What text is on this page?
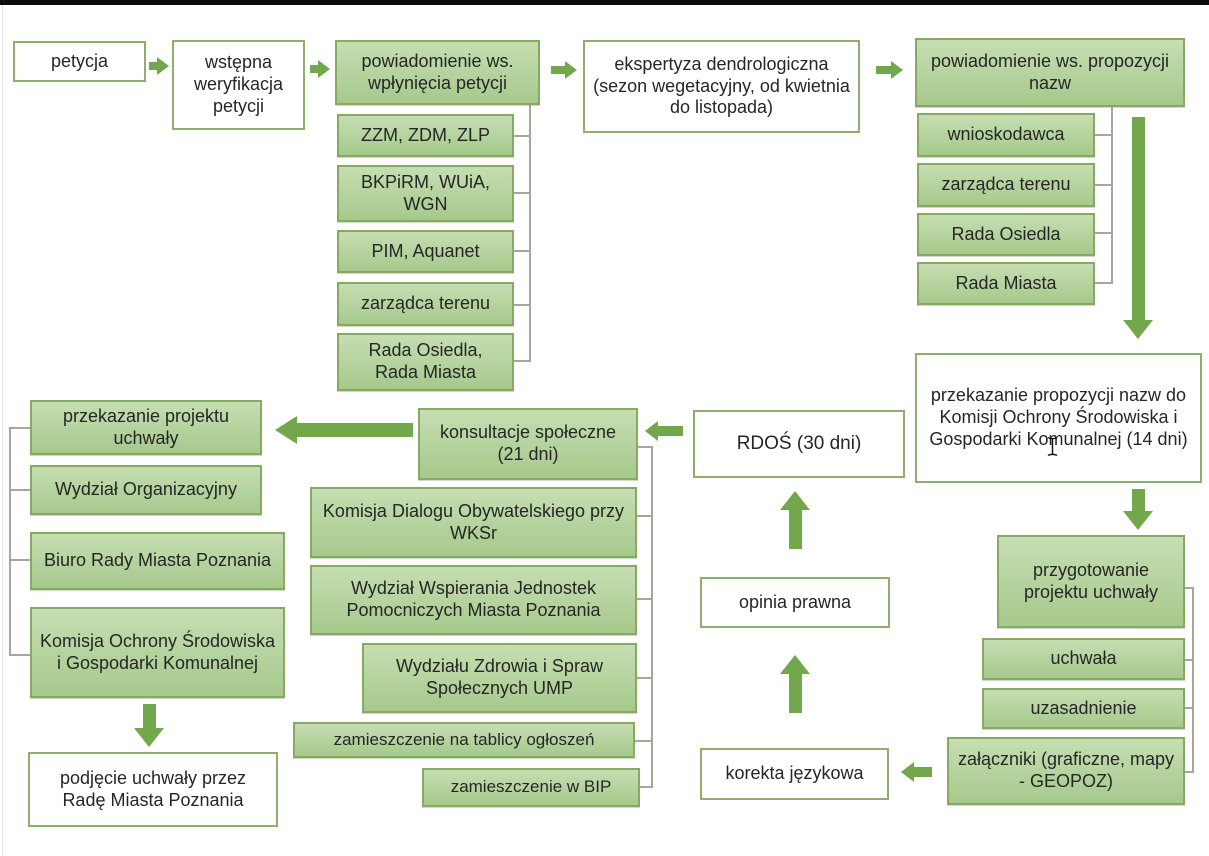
petycja	wstępna weryfikacja petycji
powiadomienie ws. wpłynięcia petycji
ZZM, ZDM, ZLP
BKPiRM, WUiA, WGN
PIM, Aquanet
zarządca terenu
Rada Osiedla, Rada Miasta
ekspertyza dendrologiczna (sezon wegetacyjny, od kwietnia do listopada)
powiadomienie ws. propozycji nazw
wnioskodawca
zarządca terenu
Rada Osiedla
Rada Miasta
przekazanie propozycji nazw do Komisji Ochrony Środowiska i Gospodarki Komunalnej (14 dni)
przygotowanie projektu uchwały
uchwała
uzasadnienie
załączniki (graficzne, mapy - GEOPOZ)
korekta językowa
opinia prawna
RDOŚ (30 dni)
konsultacje społeczne (21 dni)
Komisja Dialogu Obywatelskiego przy WKSr
Wydział Wspierania Jednostek Pomocniczych Miasta Poznania
Wydziału Zdrowia i Spraw Społecznych UMP
zamieszczenie na tablicy ogłoszeń
zamieszczenie w BIP
przekazanie projektu uchwały
Wydział Organizacyjny
Biuro Rady Miasta Poznania
Komisja Ochrony Środowiska i Gospodarki Komunalnej
podjęcie uchwały przez Radę Miasta Poznania
